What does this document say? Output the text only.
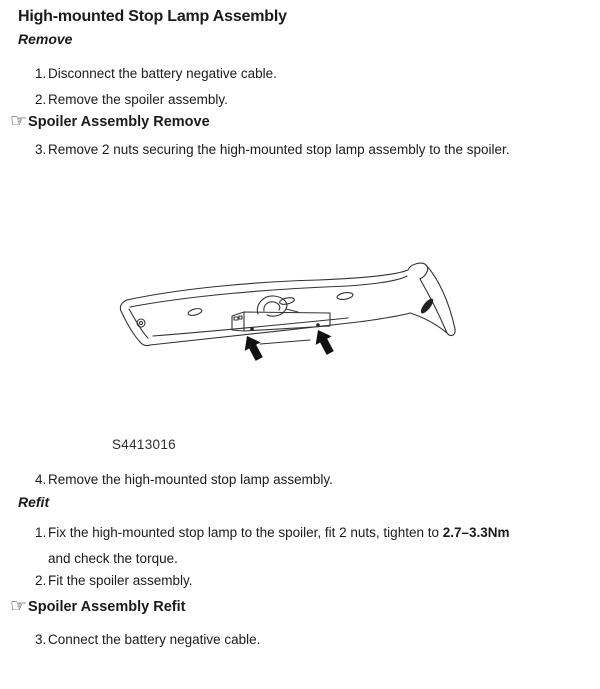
High-mounted Stop Lamp Assembly
Remove
1. Disconnect the battery negative cable.
2. Remove the spoiler assembly.
☞ Spoiler Assembly Remove
3. Remove 2 nuts securing the high-mounted stop lamp assembly to the spoiler.
S4413016
4. Remove the high-mounted stop lamp assembly.
Refit
1. Fix the high-mounted stop lamp to the spoiler, fit 2 nuts, tighten to 2.7–3.3Nm
and check the torque.
2. Fit the spoiler assembly.
☞ Spoiler Assembly Refit
3. Connect the battery negative cable.
